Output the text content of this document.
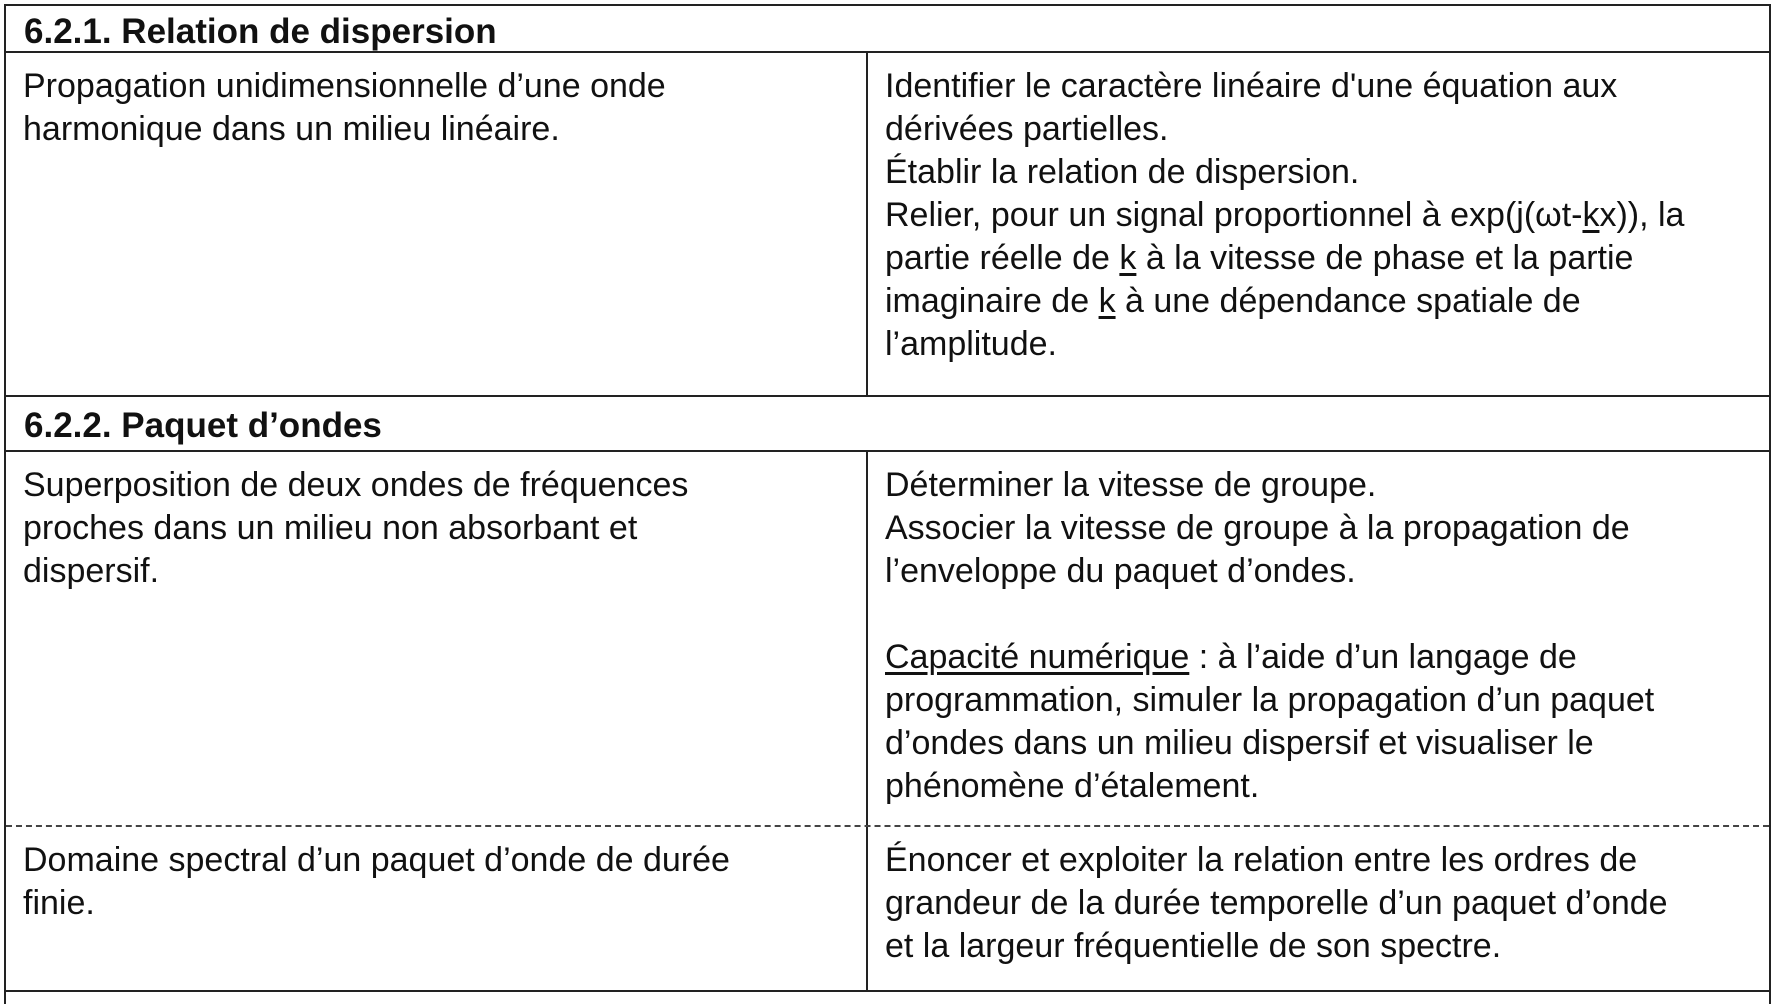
6.2.1. Relation de dispersion
Propagation unidimensionnelle d’une onde
harmonique dans un milieu linéaire.
Identifier le caractère linéaire d'une équation aux
dérivées partielles.
Établir la relation de dispersion.
Relier, pour un signal proportionnel à exp(j(ωt-kx)), la
partie réelle de k à la vitesse de phase et la partie
imaginaire de k à une dépendance spatiale de
l’amplitude.
6.2.2. Paquet d’ondes
Superposition de deux ondes de fréquences
proches dans un milieu non absorbant et
dispersif.
Déterminer la vitesse de groupe.
Associer la vitesse de groupe à la propagation de
l’enveloppe du paquet d’ondes.
Capacité numérique : à l’aide d’un langage de
programmation, simuler la propagation d’un paquet
d’ondes dans un milieu dispersif et visualiser le
phénomène d’étalement.
Domaine spectral d’un paquet d’onde de durée
finie.
Énoncer et exploiter la relation entre les ordres de
grandeur de la durée temporelle d’un paquet d’onde
et la largeur fréquentielle de son spectre.
